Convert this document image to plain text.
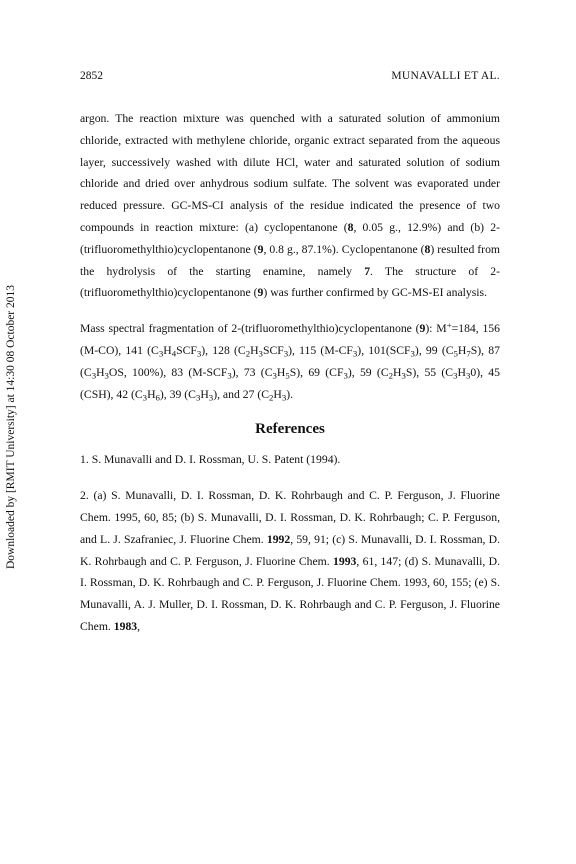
2852	MUNAVALLI ET AL.
Downloaded by [RMIT University] at 14:30 08 October 2013

argon. The reaction mixture was quenched with a saturated solution of ammonium chloride, extracted with methylene chloride, organic extract separated from the aqueous layer, successively washed with dilute HCl, water and saturated solution of sodium chloride and dried over anhydrous sodium sulfate. The solvent was evaporated under reduced pressure. GC-MS-CI analysis of the residue indicated the presence of two compounds in reaction mixture: (a) cyclopentanone (8, 0.05 g., 12.9%) and (b) 2-(trifluoromethylthio)cyclopentanone (9, 0.8 g., 87.1%). Cyclopentanone (8) resulted from the hydrolysis of the starting enamine, namely 7. The structure of 2-(trifluoromethylthio)cyclopentanone (9) was further confirmed by GC-MS-EI analysis.

Mass spectral fragmentation of 2-(trifluoromethylthio)cyclopentanone (9): M+=184, 156 (M-CO), 141 $(C_3H_4SCF_3)$, 128 $(C_2H_3SCF_3)$, 115 $(M-CF_3)$, $101(SCF_3)$, 99 $(C_5H_7S)$, 87 ($C_3H_3OS$, 100%), 83 $(M-SCF_3)$, 73 $(C_3H_5S)$, 69 $(CF_3)$, 59 $(C_2H_3S)$, 55 $(C_3H_30)$, 45 (CSH), 42 $(C_3H_6)$, 39 $(C_3H_3)$, and 27 $(C_2H_3)$.

References

1. S. Munavalli and D. I. Rossman, U. S. Patent (1994).

2. (a) S. Munavalli, D. I. Rossman, D. K. Rohrbaugh and C. P. Ferguson, J. Fluorine Chem. 1995, 60, 85; (b) S. Munavalli, D. I. Rossman, D. K. Rohrbaugh; C. P. Ferguson, and L. J. Szafraniec, J. Fluorine Chem. 1992, 59, 91; (c) S. Munavalli, D. I. Rossman, D. K. Rohrbaugh and C. P. Ferguson, J. Fluorine Chem. 1993, 61, 147; (d) S. Munavalli, D. I. Rossman, D. K. Rohrbaugh and C. P. Ferguson, J. Fluorine Chem. 1993, 60, 155; (e) S. Munavalli, A. J. Muller, D. I. Rossman, D. K. Rohrbaugh and C. P. Ferguson, J. Fluorine Chem. 1983,
